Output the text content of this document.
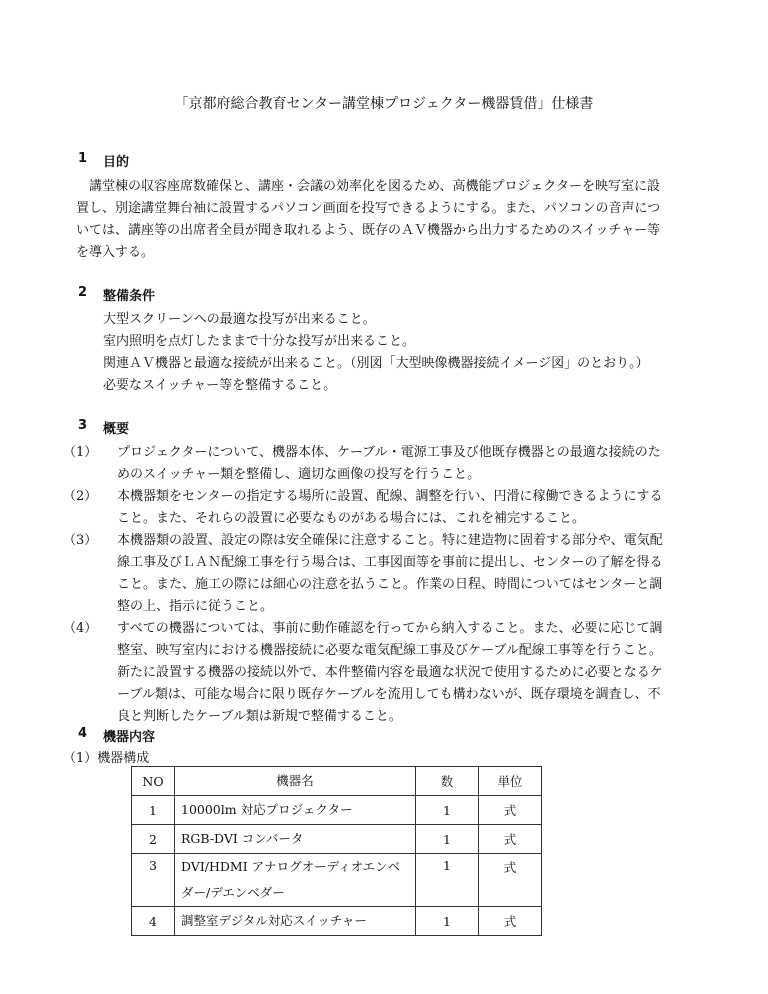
「京都府総合教育センター講堂棟プロジェクター機器賃借」仕様書
1 目的
講堂棟の収容座席数確保と、講座・会議の効率化を図るため、高機能プロジェクターを映写室に設
置し、別途講堂舞台袖に設置するパソコン画面を投写できるようにする。また、パソコンの音声につ
いては、講座等の出席者全員が聞き取れるよう、既存のＡＶ機器から出力するためのスイッチャー等
を導入する。
2 整備条件
大型スクリーンへの最適な投写が出来ること。
室内照明を点灯したままで十分な投写が出来ること。
関連ＡＶ機器と最適な接続が出来ること。（別図「大型映像機器接続イメージ図」のとおり。）
必要なスイッチャー等を整備すること。
3 概要
（1） プロジェクターについて、機器本体、ケーブル・電源工事及び他既存機器との最適な接続のた
めのスイッチャー類を整備し、適切な画像の投写を行うこと。
（2） 本機器類をセンターの指定する場所に設置、配線、調整を行い、円滑に稼働できるようにする
こと。また、それらの設置に必要なものがある場合には、これを補完すること。
（3） 本機器類の設置、設定の際は安全確保に注意すること。特に建造物に固着する部分や、電気配
線工事及びＬＡＮ配線工事を行う場合は、工事図面等を事前に提出し、センターの了解を得る
こと。また、施工の際には細心の注意を払うこと。作業の日程、時間についてはセンターと調
整の上、指示に従うこと。
（4） すべての機器については、事前に動作確認を行ってから納入すること。また、必要に応じて調
整室、映写室内における機器接続に必要な電気配線工事及びケーブル配線工事等を行うこと。
新たに設置する機器の接続以外で、本件整備内容を最適な状況で使用するために必要となるケ
ーブル類は、可能な場合に限り既存ケーブルを流用しても構わないが、既存環境を調査し、不
良と判断したケーブル類は新規で整備すること。
4 機器内容
（1）機器構成
NO	機器名	数	単位
1	10000lm 対応プロジェクター	1	式
2	RGB-DVI コンバータ	1	式
3	DVI/HDMI アナログオーディオエンベダー/デエンベダー	1	式
4	調整室デジタル対応スイッチャー	1	式
